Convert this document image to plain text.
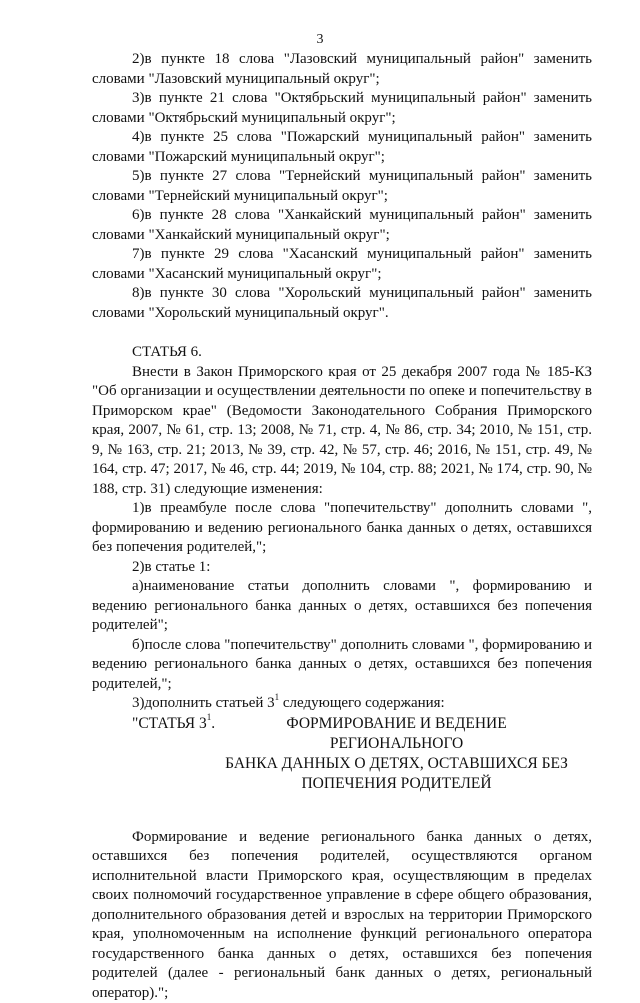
3

2)в пункте 18 слова "Лазовский муниципальный район" заменить
словами "Лазовский муниципальный округ";

3)в пункте 21 слова "Октябрьский муниципальный район" заменить
словами "Октябрьский муниципальный округ";

4)в пункте 25 слова "Пожарский муниципальный район" заменить
словами "Пожарский муниципальный округ";

5)в пункте 27 слова "Тернейский муниципальный район" заменить
словами "Тернейский муниципальный округ";

6)в пункте 28 слова "Ханкайский муниципальный район" заменить
словами "Ханкайский муниципальный округ";

7)в пункте 29 слова "Хасанский муниципальный район" заменить
словами "Хасанский муниципальный округ";

8)в пункте 30 слова "Хорольский муниципальный район" заменить
словами "Хорольский муниципальный округ".

СТАТЬЯ 6.

Внести в Закон Приморского края от 25 декабря 2007 года № 185-КЗ "Об организации и осуществлении деятельности по опеке и попечительству в Приморском крае" (Ведомости Законодательного Собрания Приморского края, 2007, № 61, стр. 13; 2008, № 71, стр. 4, № 86, стр. 34; 2010, № 151, стр. 9, № 163, стр. 21; 2013, № 39, стр. 42, № 57, стр. 46; 2016, № 151, стр. 49, № 164, стр. 47; 2017, № 46, стр. 44; 2019, № 104, стр. 88; 2021, № 174, стр. 90, № 188, стр. 31) следующие изменения:

1)в преамбуле после слова "попечительству" дополнить словами ", формированию и ведению регионального банка данных о детях, оставшихся без попечения родителей,";

2)в статье 1:

а)наименование статьи дополнить словами ", формированию и ведению регионального банка данных о детях, оставшихся без попечения родителей";

б)после слова "попечительству" дополнить словами ", формированию и ведению регионального банка данных о детях, оставшихся без попечения родителей,";

3)дополнить статьей $3^1$ следующего содержания:

"СТАТЬЯ $3^1$.	ФОРМИРОВАНИЕ И ВЕДЕНИЕ РЕГИОНАЛЬНОГО
БАНКА ДАННЫХ О ДЕТЯХ, ОСТАВШИХСЯ БЕЗ
ПОПЕЧЕНИЯ РОДИТЕЛЕЙ

Формирование и ведение регионального банка данных о детях, оставшихся без попечения родителей, осуществляются органом исполнительной власти Приморского края, осуществляющим в пределах своих полномочий государственное управление в сфере общего образования, дополнительного образования детей и взрослых на территории Приморского края, уполномоченным на исполнение функций регионального оператора государственного банка данных о детях, оставшихся без попечения родителей (далее - региональный банк данных о детях, региональный оператор).";
